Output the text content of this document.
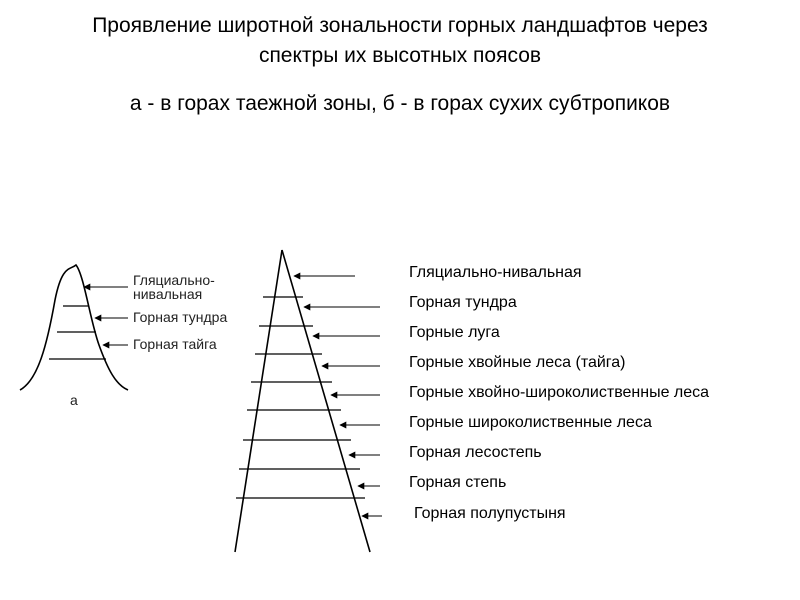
Проявление широтной зональности горных ландшафтов через
спектры их высотных поясов
а - в горах таежной зоны, б - в горах сухих субтропиков
Гляциально-
нивальная
Горная тундра
Горная тайга
а
Гляциально-нивальная
Горная тундра
Горные луга
Горные хвойные леса (тайга)
Горные хвойно-широколиственные леса
Горные широколиственные леса
Горная лесостепь
Горная степь
Горная полупустыня
